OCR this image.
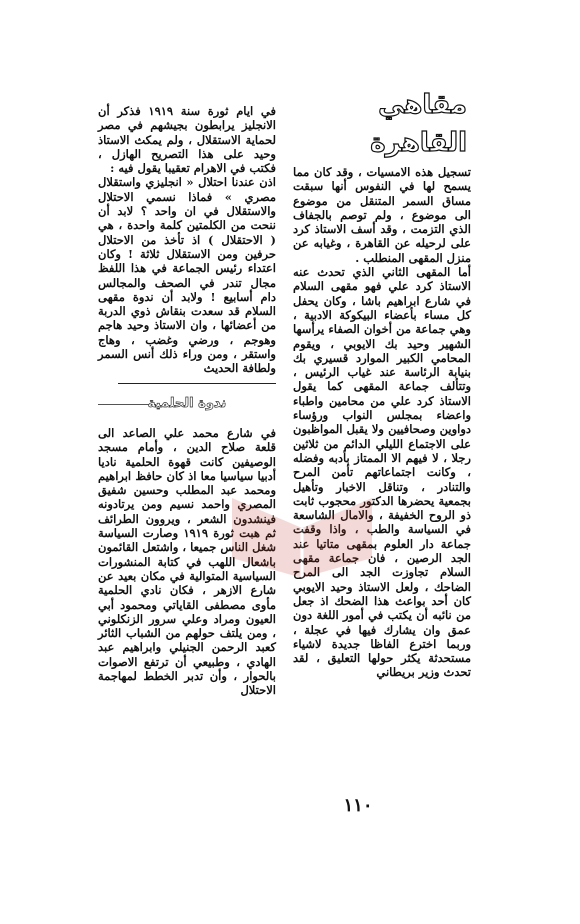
مقاهي
القاهرة

تسجيل هذه الامسيات ، وقد كان مما يسمح لها في النفوس أنها سبقت مساق السمر المتنقل من موضوع الى موضوع ، ولم توصم بالجفاف الذي التزمت ، وقد أسف الاستاذ كرد على لرحيله عن القاهرة ، وغيابه عن منزل المقهى المنطلب .

أما المقهى الثاني الذي تحدث عنه الاستاذ كرد علي فهو مقهى السلام في شارع ابراهيم باشا ، وكان يحفل كل مساء بأعضاء البيكوكة الادبية ، وهي جماعة من أخوان الصفاء يرأسها الشهير وحيد بك الايوبي ، ويقوم المحامي الكبير الموارد قسيري بك بنيابة الرئاسة عند غياب الرئيس ، وتتألف جماعة المقهى كما يقول الاستاذ كرد علي من محامين واطباء واعضاء بمجلس النواب ورؤساء دواوين وصحافيين ولا يقبل المواظبون على الاجتماع الليلي الدائم من ثلاثين رجلا ، لا فيهم الا الممتاز بأدبه وفضله ، وكانت اجتماعاتهم تأمن المرح والتنادر ، وتناقل الاخبار وتأهيل بجمعية يحضرها الدكتور محجوب ثابت ذو الروح الخفيفة ، والامال الشاسعة في السياسة والطب ، واذا وقفت جماعة دار العلوم بمقهى متاتيا عند الجد الرصين ، فان جماعة مقهى السلام تجاوزت الجد الى المرح الضاحك ، ولعل الاستاذ وحيد الايوبي كان أحد بواعث هذا الضحك اذ جعل من نائبه أن يكتب في أمور اللغة دون عمق وان يشارك فيها في عجلة ، وربما اخترع الفاظا جديدة لاشياء مستحدثة يكثر حولها التعليق ، لقد تحدث وزير بريطاني

في ايام ثورة سنة ١٩١٩ فذكر أن الانجليز يرابطون بجيشهم في مصر لحماية الاستقلال ، ولم يمكث الاستاذ وحيد على هذا التصريح الهازل ، فكتب في الاهرام تعقيبا يقول فيه :

اذن عندنا احتلال « انجليزي واستقلال مصري » فماذا نسمي الاحتلال والاستقلال في ان واحد ؟ لابد أن ننحت من الكلمتين كلمة واحدة ، هي ( الاحتقلال ) اذ تأخذ من الاحتلال حرفين ومن الاستقلال ثلاثة ! وكان اعتداء رئيس الجماعة في هذا اللفظ مجال تندر في الصحف والمجالس دام أسابيع ! ولابد أن ندوة مقهى السلام قد سعدت بنقاش ذوي الدربة من أعضائها ، وان الاستاذ وحيد هاجم وهوجم ، ورضي وغضب ، وهاج واستقر ، ومن وراء ذلك أنس السمر ولطافة الحديث

ندوة الحلمية

في شارع محمد علي الصاعد الى قلعة صلاح الدين ، وأمام مسجد الوصيفين كانت قهوة الحلمية ناديا أدبيا سياسيا معا اذ كان حافظ ابراهيم ومحمد عبد المطلب وحسين شفيق المصري واحمد نسيم ومن يرتادونه فينشدون الشعر ، ويروون الطرائف ثم هبت ثورة ١٩١٩ وصارت السياسة شغل الناس جميعا ، واشتعل القائمون باشعال اللهب في كتابة المنشورات السياسية المتوالية في مكان بعيد عن شارع الازهر ، فكان نادي الحلمية مأوى مصطفى القاياتي ومحمود أبي العيون ومراد وعلي سرور الزنكلوني ، ومن يلتف حولهم من الشباب الثائر كعبد الرحمن الجنيلي وابراهيم عبد الهادي ، وطبيعي أن ترتفع الاصوات بالحوار ، وأن تدبر الخطط لمهاجمة الاحتلال

١١٠
